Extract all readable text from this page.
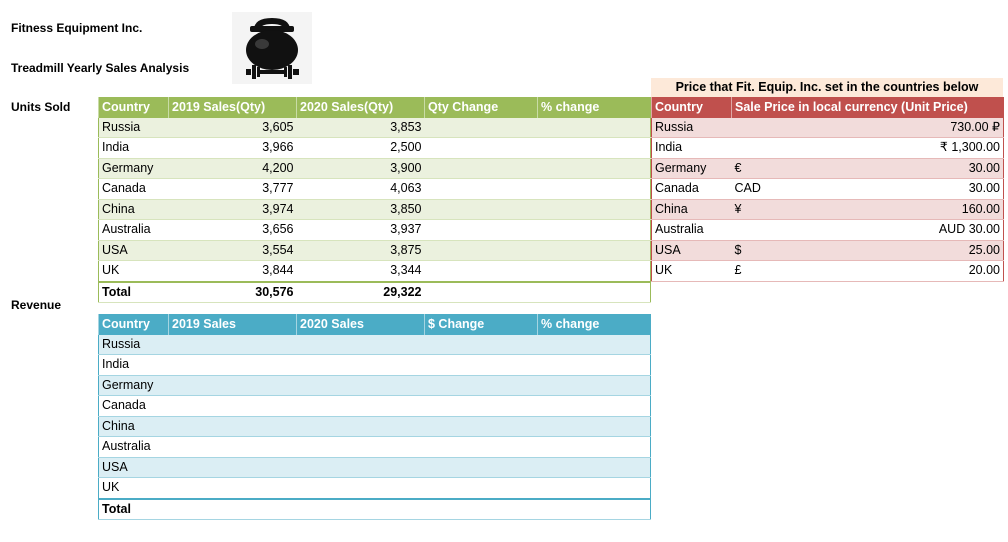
Fitness Equipment Inc.
Treadmill Yearly Sales Analysis
Units Sold
Revenue
Country	2019 Sales(Qty)	2020 Sales(Qty)	Qty Change	% change
Russia	3,605	3,853		
India	3,966	2,500		
Germany	4,200	3,900		
Canada	3,777	4,063		
China	3,974	3,850		
Australia	3,656	3,937		
USA	3,554	3,875		
UK	3,844	3,344		
Total	30,576	29,322		
Country	2019 Sales	2020 Sales	$ Change	% change
Russia				
India				
Germany				
Canada				
China				
Australia				
USA				
UK				
Total				
Price that Fit. Equip. Inc. set in the countries below
Country	Sale Price in local currency (Unit Price)	
Russia		730.00 ₽
India		₹ 1,300.00
Germany	€	30.00
Canada	CAD	30.00
China	¥	160.00
Australia		AUD 30.00
USA	$	25.00
UK	£	20.00
